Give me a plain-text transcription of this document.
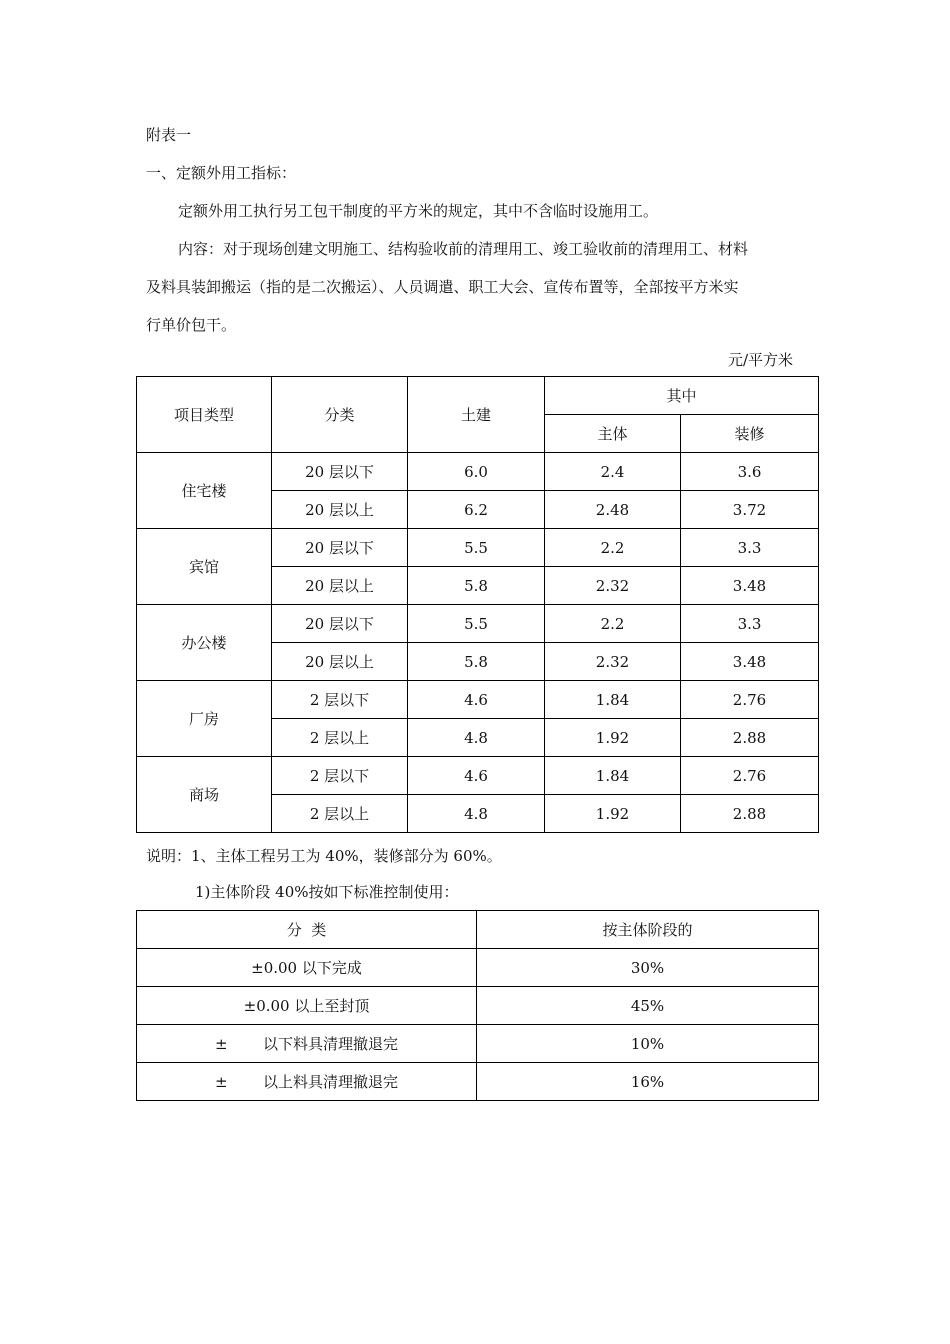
附表一
一、定额外用工指标：
定额外用工执行另工包干制度的平方米的规定，其中不含临时设施用工。
内容：对于现场创建文明施工、结构验收前的清理用工、竣工验收前的清理用工、材料
及料具装卸搬运（指的是二次搬运）、人员调遣、职工大会、宣传布置等，全部按平方米实
行单价包干。
元/平方米
项目类型	分类	土建	其中	
			主体	装修
住宅楼	20 层以下	6.0	2.4	3.6
	20 层以上	6.2	2.48	3.72
宾馆	20 层以下	5.5	2.2	3.3
	20 层以上	5.8	2.32	3.48
办公楼	20 层以下	5.5	2.2	3.3
	20 层以上	5.8	2.32	3.48
厂房	2 层以下	4.6	1.84	2.76
	2 层以上	4.8	1.92	2.88
商场	2 层以下	4.6	1.84	2.76
	2 层以上	4.8	1.92	2.88
说明：1、主体工程另工为 40%，装修部分为 60%。
1)主体阶段 40%按如下标准控制使用：
分  类	按主体阶段的
±0.00 以下完成	30%
±0.00 以上至封顶	45%
± 以下料具清理撤退完	10%
± 以上料具清理撤退完	16%
